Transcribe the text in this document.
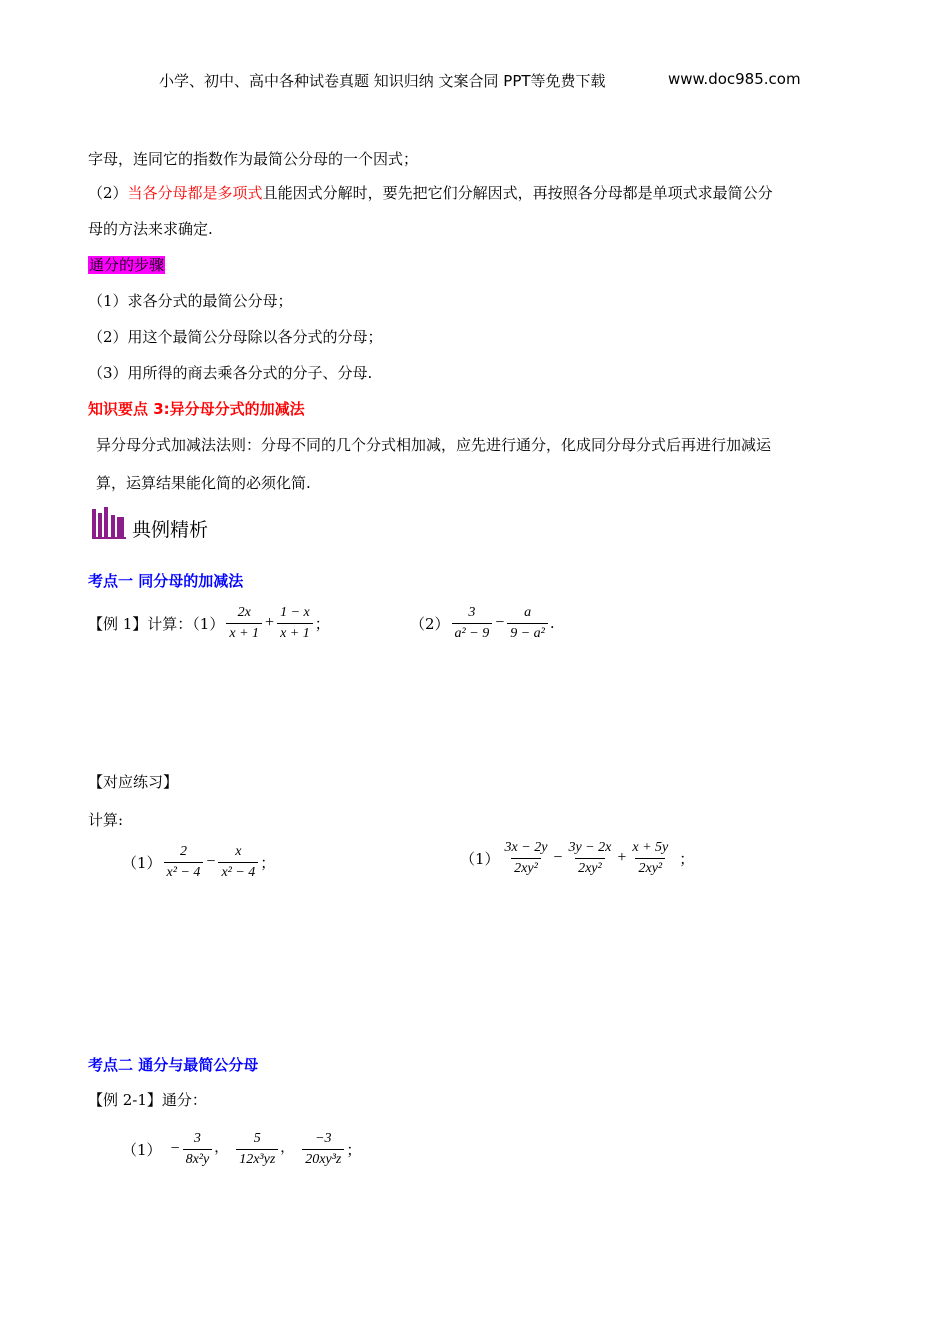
小学、初中、高中各种试卷真题 知识归纳 文案合同 PPT等免费下载	www.doc985.com
字母，连同它的指数作为最简公分母的一个因式；
（2）当各分母都是多项式且能因式分解时，要先把它们分解因式，再按照各分母都是单项式求最简公分
母的方法来求确定.
通分的步骤
（1）求各分式的最简公分母；
（2）用这个最简公分母除以各分式的分母；
（3）用所得的商去乘各分式的分子、分母.
知识要点 3:异分母分式的加减法
异分母分式加减法法则：分母不同的几个分式相加减，应先进行通分，化成同分母分式后再进行加减运
算，运算结果能化简的必须化简.
典例精析
考点一 同分母的加减法
【例 1】计算：$(1) \frac{2x}{x + 1} + \frac{1 - x}{x + 1}$ ；	$(2) \frac{3}{\text{a² − 9}} - \frac{a}{\text{9 − a²}}$ .
【对应练习】
计算:
$(1) \frac{2}{\text{x² − 4}} - \frac{x}{\text{x² − 4}}$ ；	$(1) \frac{3x - 2y}{\text{2xy²}} - \frac{3y - 2x}{\text{2xy²}} + \frac{x + 5y}{\text{2xy²}}$ ；
考点二 通分与最简公分母
【例 2-1】通分：
$(1) - \frac{3}{\text{8x²y}}$ ， $\frac{5}{\text{12x³yz}}$ ， $\frac{-3}{\text{20xy³z}}$ ；
